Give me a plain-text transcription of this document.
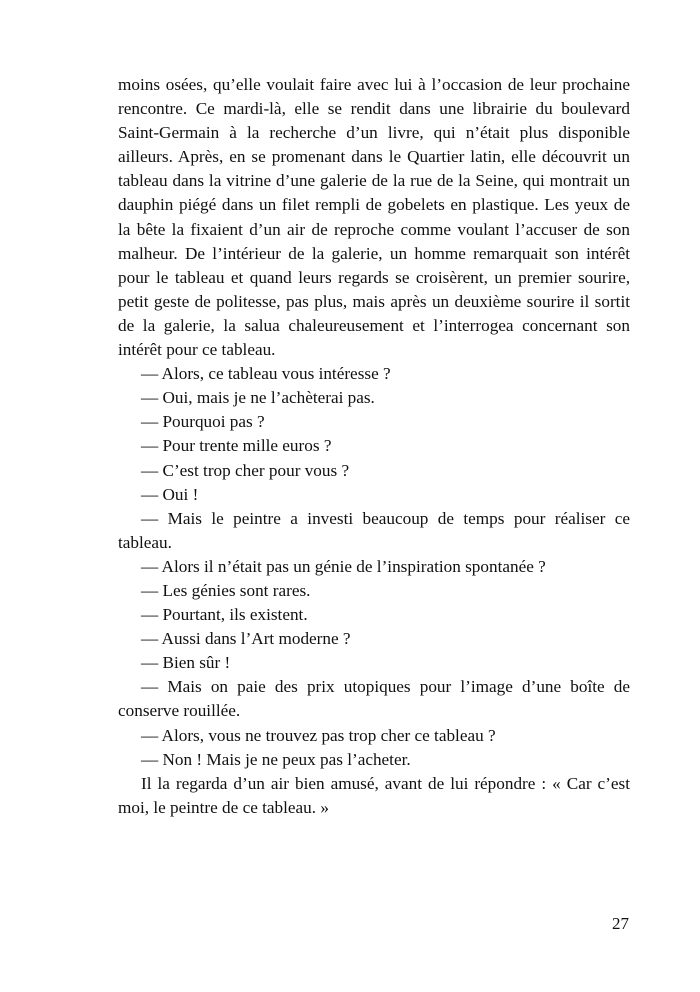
moins osées, qu’elle voulait faire avec lui à l’occasion de leur prochaine rencontre. Ce mardi-là, elle se rendit dans une librairie du boulevard Saint-Germain à la recherche d’un livre, qui n’était plus disponible ailleurs. Après, en se promenant dans le Quartier latin, elle découvrit un tableau dans la vitrine d’une galerie de la rue de la Seine, qui montrait un dauphin piégé dans un filet rempli de gobelets en plastique. Les yeux de la bête la fixaient d’un air de reproche comme voulant l’accuser de son malheur. De l’intérieur de la galerie, un homme remarquait son intérêt pour le tableau et quand leurs regards se croisèrent, un premier sourire, petit geste de politesse, pas plus, mais après un deuxième sourire il sortit de la galerie, la salua chaleureusement et l’interrogea concernant son intérêt pour ce tableau.

— Alors, ce tableau vous intéresse ?

— Oui, mais je ne l’achèterai pas.

— Pourquoi pas ?

— Pour trente mille euros ?

— C’est trop cher pour vous ?

— Oui !

— Mais le peintre a investi beaucoup de temps pour réaliser ce tableau.

— Alors il n’était pas un génie de l’inspiration spontanée ?

— Les génies sont rares.

— Pourtant, ils existent.

— Aussi dans l’Art moderne ?

— Bien sûr !

— Mais on paie des prix utopiques pour l’image d’une boîte de conserve rouillée.

— Alors, vous ne trouvez pas trop cher ce tableau ?

— Non ! Mais je ne peux pas l’acheter.

Il la regarda d’un air bien amusé, avant de lui répondre : « Car c’est moi, le peintre de ce tableau. »

27
